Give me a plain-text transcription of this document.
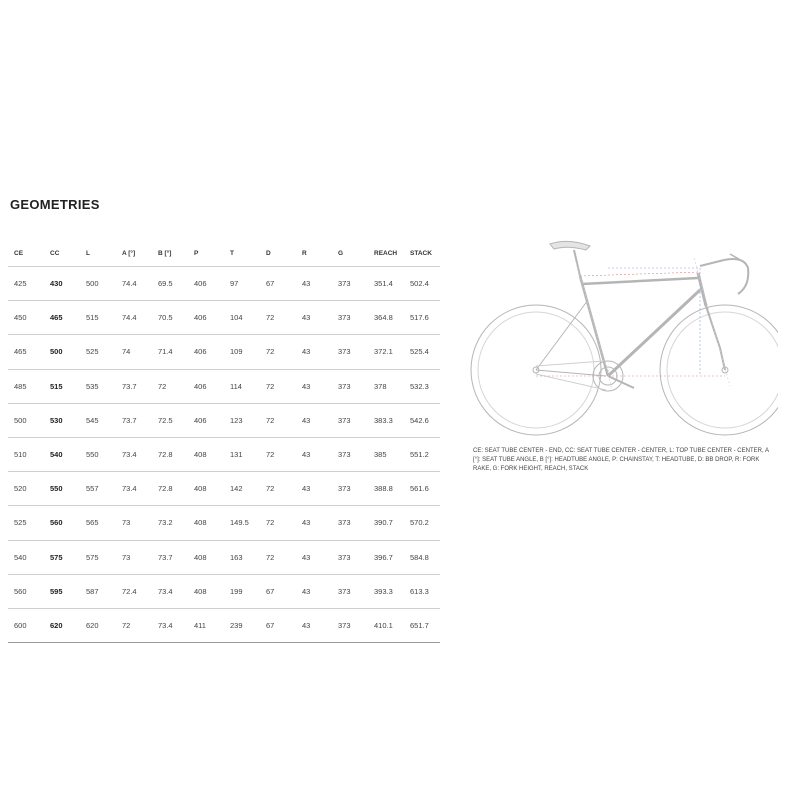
GEOMETRIES
CE	CC	L	A [°]	B [°]	P	T	D	R	G	REACH	STACK
425	430	500	74.4	69.5	406	97	67	43	373	351.4	502.4
450	465	515	74.4	70.5	406	104	72	43	373	364.8	517.6
465	500	525	74	71.4	406	109	72	43	373	372.1	525.4
485	515	535	73.7	72	406	114	72	43	373	378	532.3
500	530	545	73.7	72.5	406	123	72	43	373	383.3	542.6
510	540	550	73.4	72.8	408	131	72	43	373	385	551.2
520	550	557	73.4	72.8	408	142	72	43	373	388.8	561.6
525	560	565	73	73.2	408	149.5	72	43	373	390.7	570.2
540	575	575	73	73.7	408	163	72	43	373	396.7	584.8
560	595	587	72.4	73.4	408	199	67	43	373	393.3	613.3
600	620	620	72	73.4	411	239	67	43	373	410.1	651.7
CE: SEAT TUBE CENTER - END, CC: SEAT TUBE CENTER - CENTER, L: TOP TUBE CENTER - CENTER, A [°]: SEAT TUBE ANGLE, B [°]: HEADTUBE ANGLE, P: CHAINSTAY, T: HEADTUBE, D: BB DROP, R: FORK RAKE, G: FORK HEIGHT, REACH, STACK
